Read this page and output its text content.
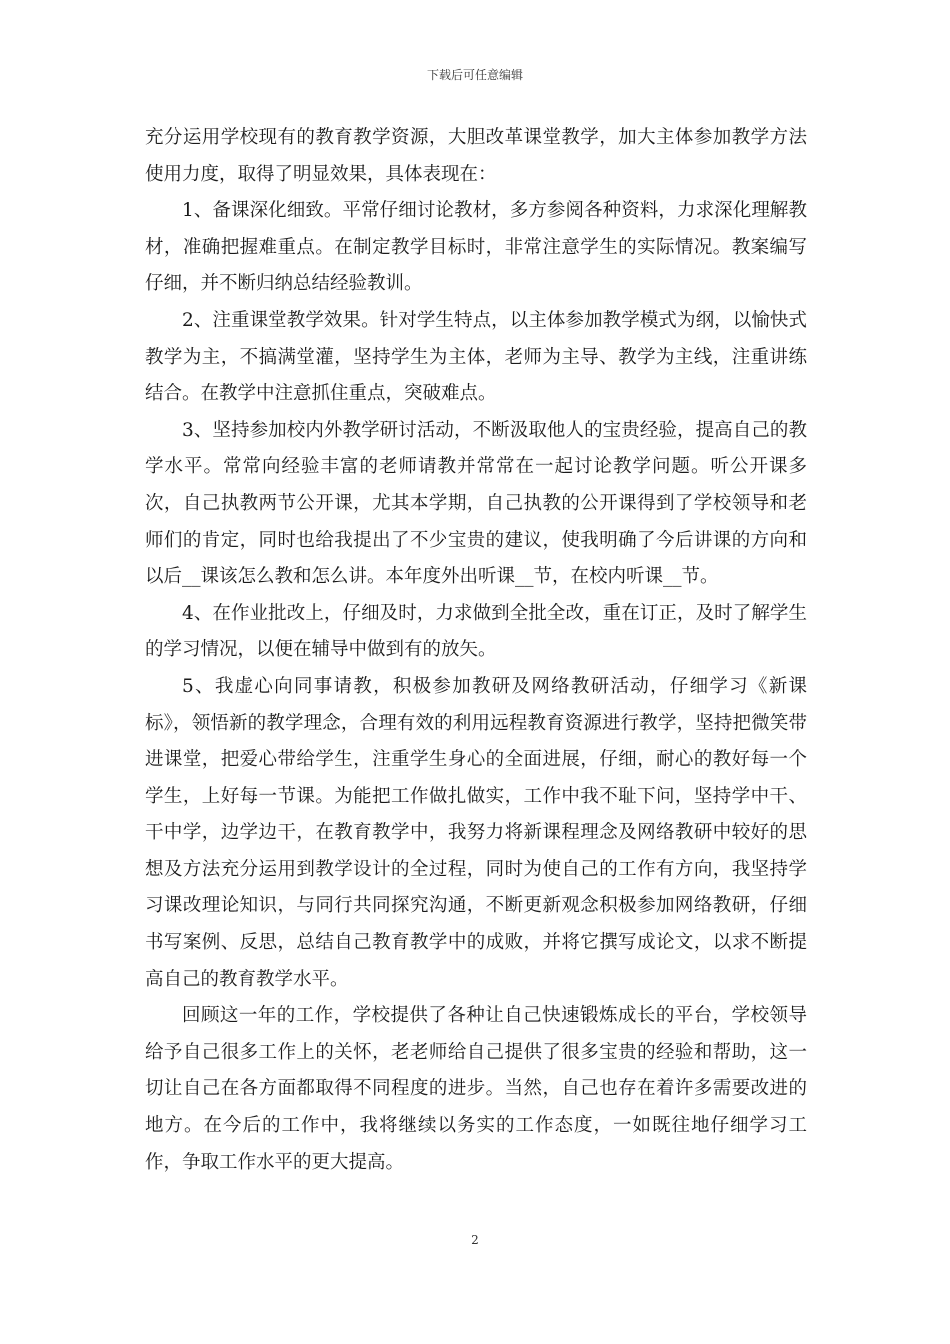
下载后可任意编辑

充分运用学校现有的教育教学资源，大胆改革课堂教学，加大主体参加教学方法使用力度，取得了明显效果，具体表现在：

1、备课深化细致。平常仔细讨论教材，多方参阅各种资料，力求深化理解教材，准确把握难重点。在制定教学目标时，非常注意学生的实际情况。教案编写仔细，并不断归纳总结经验教训。

2、注重课堂教学效果。针对学生特点，以主体参加教学模式为纲，以愉快式教学为主，不搞满堂灌，坚持学生为主体，老师为主导、教学为主线，注重讲练结合。在教学中注意抓住重点，突破难点。

3、坚持参加校内外教学研讨活动，不断汲取他人的宝贵经验，提高自己的教学水平。常常向经验丰富的老师请教并常常在一起讨论教学问题。听公开课多次，自己执教两节公开课，尤其本学期，自己执教的公开课得到了学校领导和老师们的肯定，同时也给我提出了不少宝贵的建议，使我明确了今后讲课的方向和以后__课该怎么教和怎么讲。本年度外出听课__节，在校内听课__节。

4、在作业批改上，仔细及时，力求做到全批全改，重在订正，及时了解学生的学习情况，以便在辅导中做到有的放矢。

5、我虚心向同事请教，积极参加教研及网络教研活动，仔细学习《新课标》，领悟新的教学理念，合理有效的利用远程教育资源进行教学，坚持把微笑带进课堂，把爱心带给学生，注重学生身心的全面进展，仔细，耐心的教好每一个学生，上好每一节课。为能把工作做扎做实，工作中我不耻下问，坚持学中干、干中学，边学边干，在教育教学中，我努力将新课程理念及网络教研中较好的思想及方法充分运用到教学设计的全过程，同时为使自己的工作有方向，我坚持学习课改理论知识，与同行共同探究沟通，不断更新观念积极参加网络教研，仔细书写案例、反思，总结自己教育教学中的成败，并将它撰写成论文，以求不断提高自己的教育教学水平。

回顾这一年的工作，学校提供了各种让自己快速锻炼成长的平台，学校领导给予自己很多工作上的关怀，老老师给自己提供了很多宝贵的经验和帮助，这一切让自己在各方面都取得不同程度的进步。当然，自己也存在着许多需要改进的地方。在今后的工作中，我将继续以务实的工作态度，一如既往地仔细学习工作，争取工作水平的更大提高。

2
